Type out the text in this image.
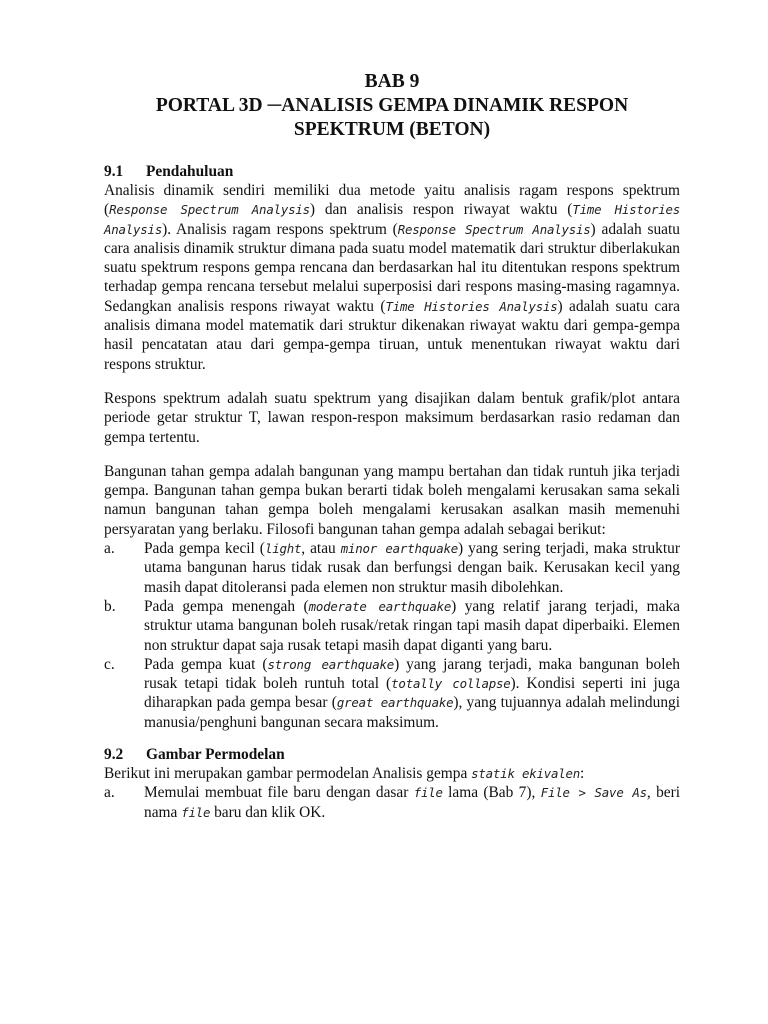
BAB 9
PORTAL 3D ─ANALISIS GEMPA DINAMIK RESPON
SPEKTRUM (BETON)
9.1 Pendahuluan

Analisis dinamik sendiri memiliki dua metode yaitu analisis ragam respons spektrum (Response Spectrum Analysis) dan analisis respon riwayat waktu (Time Histories Analysis). Analisis ragam respons spektrum (Response Spectrum Analysis) adalah suatu cara analisis dinamik struktur dimana pada suatu model matematik dari struktur diberlakukan suatu spektrum respons gempa rencana dan berdasarkan hal itu ditentukan respons spektrum terhadap gempa rencana tersebut melalui superposisi dari respons masing-masing ragamnya. Sedangkan analisis respons riwayat waktu (Time Histories Analysis) adalah suatu cara analisis dimana model matematik dari struktur dikenakan riwayat waktu dari gempa-gempa hasil pencatatan atau dari gempa-gempa tiruan, untuk menentukan riwayat waktu dari respons struktur.

Respons spektrum adalah suatu spektrum yang disajikan dalam bentuk grafik/plot antara periode getar struktur T, lawan respon-respon maksimum berdasarkan rasio redaman dan gempa tertentu.

Bangunan tahan gempa adalah bangunan yang mampu bertahan dan tidak runtuh jika terjadi gempa. Bangunan tahan gempa bukan berarti tidak boleh mengalami kerusakan sama sekali namun bangunan tahan gempa boleh mengalami kerusakan asalkan masih memenuhi persyaratan yang berlaku. Filosofi bangunan tahan gempa adalah sebagai berikut:

a.	Pada gempa kecil (light, atau minor earthquake) yang sering terjadi, maka struktur utama bangunan harus tidak rusak dan berfungsi dengan baik. Kerusakan kecil yang masih dapat ditoleransi pada elemen non struktur masih dibolehkan.
b.	Pada gempa menengah (moderate earthquake) yang relatif jarang terjadi, maka struktur utama bangunan boleh rusak/retak ringan tapi masih dapat diperbaiki. Elemen non struktur dapat saja rusak tetapi masih dapat diganti yang baru.
c.	Pada gempa kuat (strong earthquake) yang jarang terjadi, maka bangunan boleh rusak tetapi tidak boleh runtuh total (totally collapse). Kondisi seperti ini juga diharapkan pada gempa besar (great earthquake), yang tujuannya adalah melindungi manusia/penghuni bangunan secara maksimum.
9.2 Gambar Permodelan

Berikut ini merupakan gambar permodelan Analisis gempa statik ekivalen:

a.	Memulai membuat file baru dengan dasar file lama (Bab 7), File > Save As, beri nama file baru dan klik OK.
